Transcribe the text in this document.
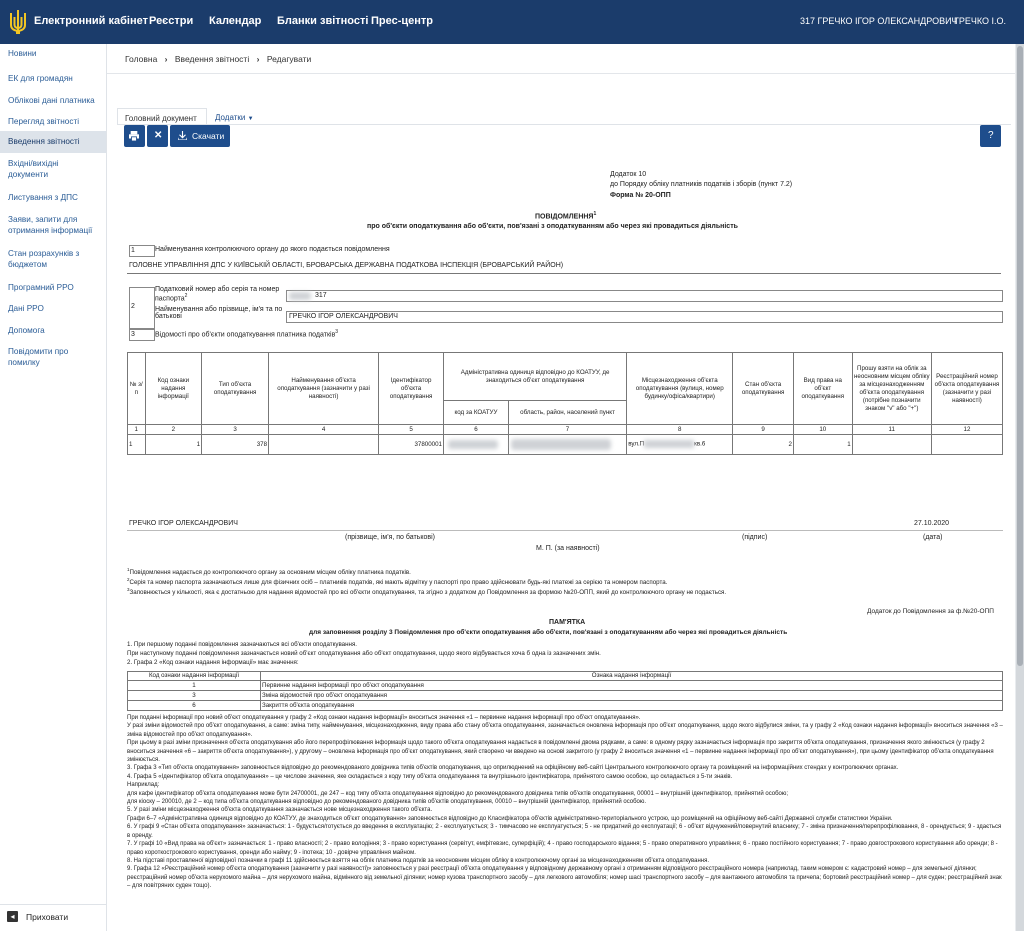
Електронний кабінет Реєстри Календар Бланки звітності Прес-центр	317 ГРЕЧКО ІГОР ОЛЕКСАНДРОВИЧ
ГРЕЧКО І.О.
Новини
ЕК для громадян
Облікові дані платника
Перегляд звітності
Введення звітності
Вхідні/вихідні документи
Листування з ДПС
Заяви, запити для отримання інформації
Стан розрахунків з бюджетом
Програмний РРО
Дані РРО
Допомога
Повідомити про помилку
◂	Приховати
Головна › Введення звітності › Редагувати
Головний документ Додатки ▼
✕	Скачати	?
Додаток 10
до Порядку обліку платників податків і зборів (пункт 7.2)
Форма № 20-ОПП
ПОВІДОМЛЕННЯ$^1$
про об'єкти оподаткування або об'єкти, пов'язані з оподаткуванням або через які провадиться діяльність
1	Найменування контролюючого органу до якого подається повідомлення
ГОЛОВНЕ УПРАВЛІННЯ ДПС У КИЇВСЬКІЙ ОБЛАСТІ, БРОВАРСЬКА ДЕРЖАВНА ПОДАТКОВА ІНСПЕКЦІЯ (БРОВАРСЬКИЙ РАЙОН)
2
Податковий номер або серія та номер паспорта$^2$	317
Найменування або прізвище, ім'я та по батькові	ГРЕЧКО ІГОР ОЛЕКСАНДРОВИЧ
3	Відомості про об'єкти оподаткування платника податків$^3$
№ з/п	Код ознаки надання інформації	Тип об'єкта оподаткування	Найменування об'єкта оподаткування (зазначити у разі наявності)	Ідентифікатор об'єкта оподаткування	Адміністративна одиниця відповідно до КОАТУУ, де знаходиться об'єкт оподаткування		Місцезнаходження об'єкта оподаткування (вулиця, номер будинку/офіса/квартири)	Стан об'єкта оподаткування	Вид права на об'єкт оподаткування	Прошу взяти на облік за неосновним місцем обліку за місцезнаходженням об'єкта оподаткування (потрібне позначити знаком "v" або "+")	Реєстраційний номер об'єкта оподаткування (зазначити у разі наявності)
					код за КОАТУУ	область, район, населений пункт					
1	2	3	4	5	6	7	8	9	10	11	12
1	1	378		37800001			вул.П кв.6	2	1		
ГРЕЧКО ІГОР ОЛЕКСАНДРОВИЧ	27.10.2020
(прізвище, ім'я, по батькові)	(підпис)	(дата)
М. П. (за наявності)
$^1$Повідомлення надається до контролюючого органу за основним місцем обліку платника податків.
$^2$Серія та номер паспорта зазначаються лише для фізичних осіб – платників податків, які мають відмітку у паспорті про право здійснювати будь-які платежі за серією та номером паспорта.
$^3$Заповнюється у кількості, яка є достатньою для надання відомостей про всі об'єкти оподаткування, та згідно з додатком до Повідомлення за формою №20-ОПП, який до контролюючого органу не подається.
Додаток до Повідомлення за ф.№20-ОПП
ПАМ'ЯТКА
для заповнення розділу 3 Повідомлення про об'єкти оподаткування або об'єкти, пов'язані з оподаткуванням або через які провадиться діяльність

1. При першому поданні повідомлення зазначаються всі об'єкти оподаткування.

При наступному поданні повідомлення зазначається новий об'єкт оподаткування або об'єкт оподаткування, щодо якого відбувається хоча б одна із зазначених змін.

2. Графа 2 «Код ознаки надання інформації» має значення:

Код ознаки надання інформації	Ознака надання інформації
1	Первинне надання інформації про об'єкт оподаткування
3	Зміна відомостей про об'єкт оподаткування
6	Закриття об'єкта оподаткування

При поданні інформації про новий об'єкт оподаткування у графу 2 «Код ознаки надання інформації» вноситься значення «1 – первинне надання інформації про об'єкт оподаткування».

У разі зміни відомостей про об'єкт оподаткування, а саме: зміна типу, найменування, місцезнаходження, виду права або стану об'єкта оподаткування, зазначається оновлена інформація про об'єкт оподаткування, щодо якого відбулися зміни, та у графу 2 «Код ознаки надання інформації» вноситься значення «3 – зміна відомостей про об'єкт оподаткування».

При цьому в разі зміни призначення об'єкта оподаткування або його перепрофілювання інформація щодо такого об'єкта оподаткування надається в повідомленні двома рядками, а саме: в одному рядку зазначається інформація про закриття об'єкта оподаткування, призначення якого змінюється (у графу 2 вноситься значення «6 – закриття об'єкта оподаткування»), у другому – оновлена інформація про об'єкт оподаткування, який створено чи введено на основі закритого (у графу 2 вноситься значення «1 – первинне надання інформації про об'єкт оподаткування»), при цьому ідентифікатор об'єкта оподаткування змінюється.

3. Графа 3 «Тип об'єкта оподаткування» заповнюється відповідно до рекомендованого довідника типів об'єктів оподаткування, що оприлюднений на офіційному веб-сайті Центрального контролюючого органу та розміщений на інформаційних стендах у контролюючих органах.

4. Графа 5 «Ідентифікатор об'єкта оподаткування» – це числове значення, яке складається з коду типу об'єкта оподаткування та внутрішнього ідентифікатора, прийнятого самою особою, що складається з 5-ти знаків.

Наприклад:

для кафе ідентифікатор об'єкта оподаткування може бути 24700001, де 247 – код типу об'єкта оподаткування відповідно до рекомендованого довідника типів об'єктів оподаткування, 00001 – внутрішній ідентифікатор, прийнятий особою;

для кіоску – 200010, де 2 – код типа об'єкта оподаткування відповідно до рекомендованого довідника типів об'єктів оподаткування, 00010 – внутрішній ідентифікатор, прийнятий особою.

5. У разі зміни місцезнаходження об'єкта оподаткування зазначається нове місцезнаходження такого об'єкта.

Графи 6–7 «Адміністративна одиниця відповідно до КОАТУУ, де знаходиться об'єкт оподаткування» заповнюється відповідно до Класифікатора об'єктів адміністративно-територіального устрою, що розміщений на офіційному веб-сайті Державної служби статистики України.

6. У графі 9 «Стан об'єкта оподаткування» зазначається: 1 - будується/готується до введення в експлуатацію; 2 - експлуатується; 3 - тимчасово не експлуатується; 5 - не придатний до експлуатації; 6 - об'єкт відчужений/повернутий власнику; 7 - зміна призначення/перепрофілювання, 8 - орендується; 9 - здається в оренду.

7. У графі 10 «Вид права на об'єкт» зазначається: 1 - право власності; 2 - право володіння; 3 - право користування (сервітут, емфітевзис, суперфіцій); 4 - право господарського відання; 5 - право оперативного управління; 6 - право постійного користування; 7 - право довгострокового користування або оренди; 8 - право короткострокового користування, оренди або найму; 9 - іпотека; 10 - довірче управління майном.

8. На підставі проставленої відповідної позначки в графі 11 здійснюється взяття на облік платника податків за неосновним місцем обліку в контролюючому органі за місцезнаходженням об'єкта оподаткування.

9. Графа 12 «Реєстраційний номер об'єкта оподаткування (зазначити у разі наявності)» заповнюється у разі реєстрації об'єкта оподаткування у відповідному державному органі з отриманням відповідного реєстраційного номера (наприклад, таким номером є: кадастровий номер – для земельної ділянки; реєстраційний номер об'єкта нерухомого майна – для нерухомого майна, відмінного від земельної ділянки; номер кузова транспортного засобу – для легкового автомобіля; номер шасі транспортного засобу – для вантажного автомобіля та причепа; бортовий реєстраційний номер – для суден; реєстраційний знак – для повітряних суден тощо).
